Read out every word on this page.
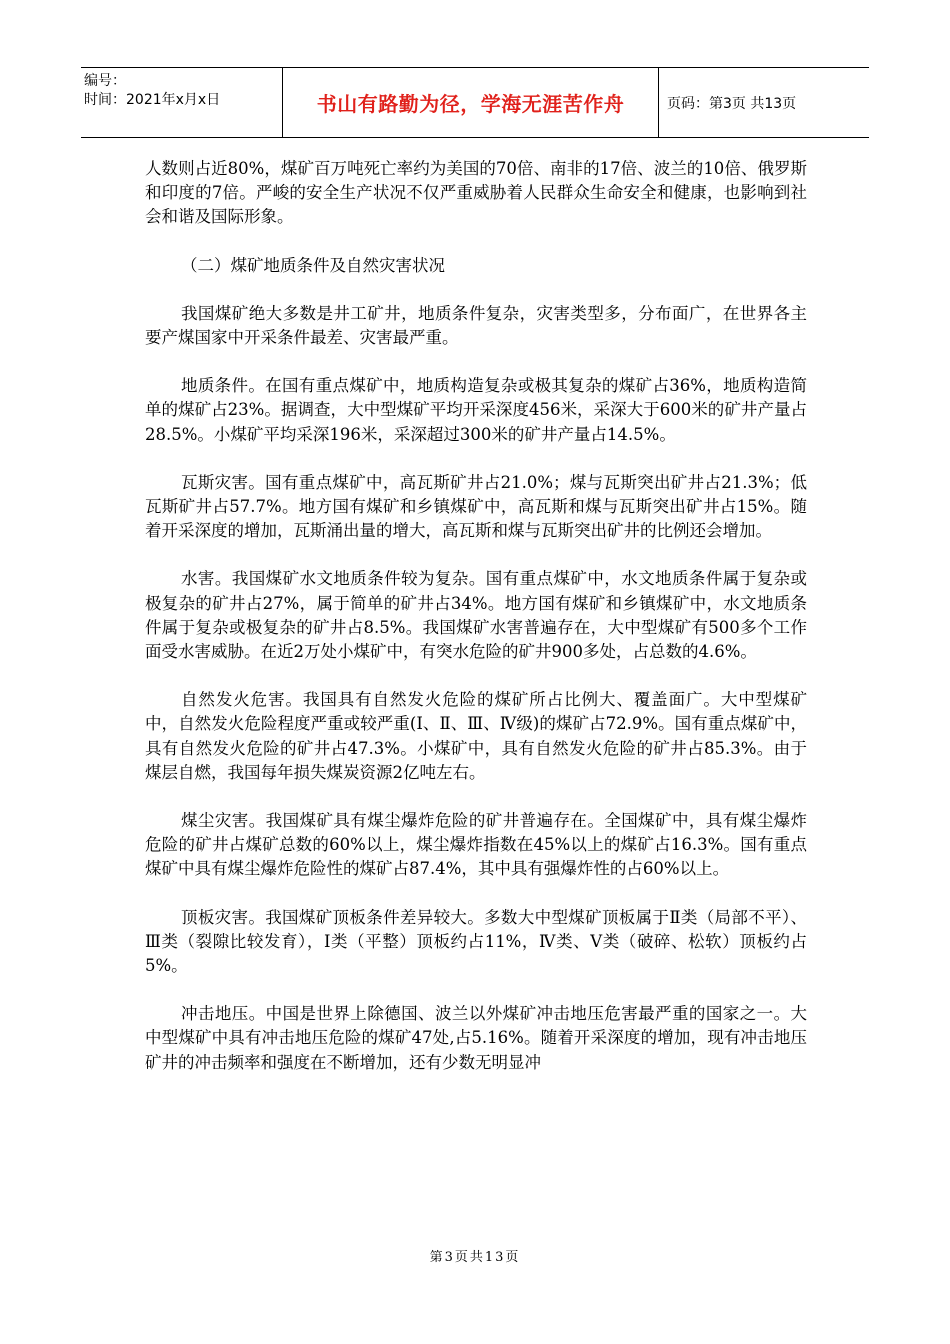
编号：
时间：2021年x月x日	书山有路勤为径，学海无涯苦作舟	页码：第3页 共13页

人数则占近80%，煤矿百万吨死亡率约为美国的70倍、南非的17倍、波兰的10倍、俄罗斯和印度的7倍。严峻的安全生产状况不仅严重威胁着人民群众生命安全和健康，也影响到社会和谐及国际形象。

（二）煤矿地质条件及自然灾害状况

我国煤矿绝大多数是井工矿井，地质条件复杂，灾害类型多，分布面广，在世界各主要产煤国家中开采条件最差、灾害最严重。

地质条件。在国有重点煤矿中，地质构造复杂或极其复杂的煤矿占36%，地质构造简单的煤矿占23%。据调查，大中型煤矿平均开采深度456米，采深大于600米的矿井产量占28.5%。小煤矿平均采深196米，采深超过300米的矿井产量占14.5%。

瓦斯灾害。国有重点煤矿中，高瓦斯矿井占21.0%；煤与瓦斯突出矿井占21.3%；低瓦斯矿井占57.7%。地方国有煤矿和乡镇煤矿中，高瓦斯和煤与瓦斯突出矿井占15%。随着开采深度的增加，瓦斯涌出量的增大，高瓦斯和煤与瓦斯突出矿井的比例还会增加。

水害。我国煤矿水文地质条件较为复杂。国有重点煤矿中，水文地质条件属于复杂或极复杂的矿井占27%，属于简单的矿井占34%。地方国有煤矿和乡镇煤矿中，水文地质条件属于复杂或极复杂的矿井占8.5%。我国煤矿水害普遍存在，大中型煤矿有500多个工作面受水害威胁。在近2万处小煤矿中，有突水危险的矿井900多处，占总数的4.6%。

自然发火危害。我国具有自然发火危险的煤矿所占比例大、覆盖面广。大中型煤矿中，自然发火危险程度严重或较严重(Ⅰ、Ⅱ、Ⅲ、Ⅳ级)的煤矿占72.9%。国有重点煤矿中，具有自然发火危险的矿井占47.3%。小煤矿中，具有自然发火危险的矿井占85.3%。由于煤层自燃，我国每年损失煤炭资源2亿吨左右。

煤尘灾害。我国煤矿具有煤尘爆炸危险的矿井普遍存在。全国煤矿中，具有煤尘爆炸危险的矿井占煤矿总数的60%以上，煤尘爆炸指数在45%以上的煤矿占16.3%。国有重点煤矿中具有煤尘爆炸危险性的煤矿占87.4%，其中具有强爆炸性的占60%以上。

顶板灾害。我国煤矿顶板条件差异较大。多数大中型煤矿顶板属于Ⅱ类（局部不平）、Ⅲ类（裂隙比较发育），Ⅰ类（平整）顶板约占11%，Ⅳ类、Ⅴ类（破碎、松软）顶板约占5%。

冲击地压。中国是世界上除德国、波兰以外煤矿冲击地压危害最严重的国家之一。大中型煤矿中具有冲击地压危险的煤矿47处,占5.16%。随着开采深度的增加，现有冲击地压矿井的冲击频率和强度在不断增加，还有少数无明显冲

第3页共13页
